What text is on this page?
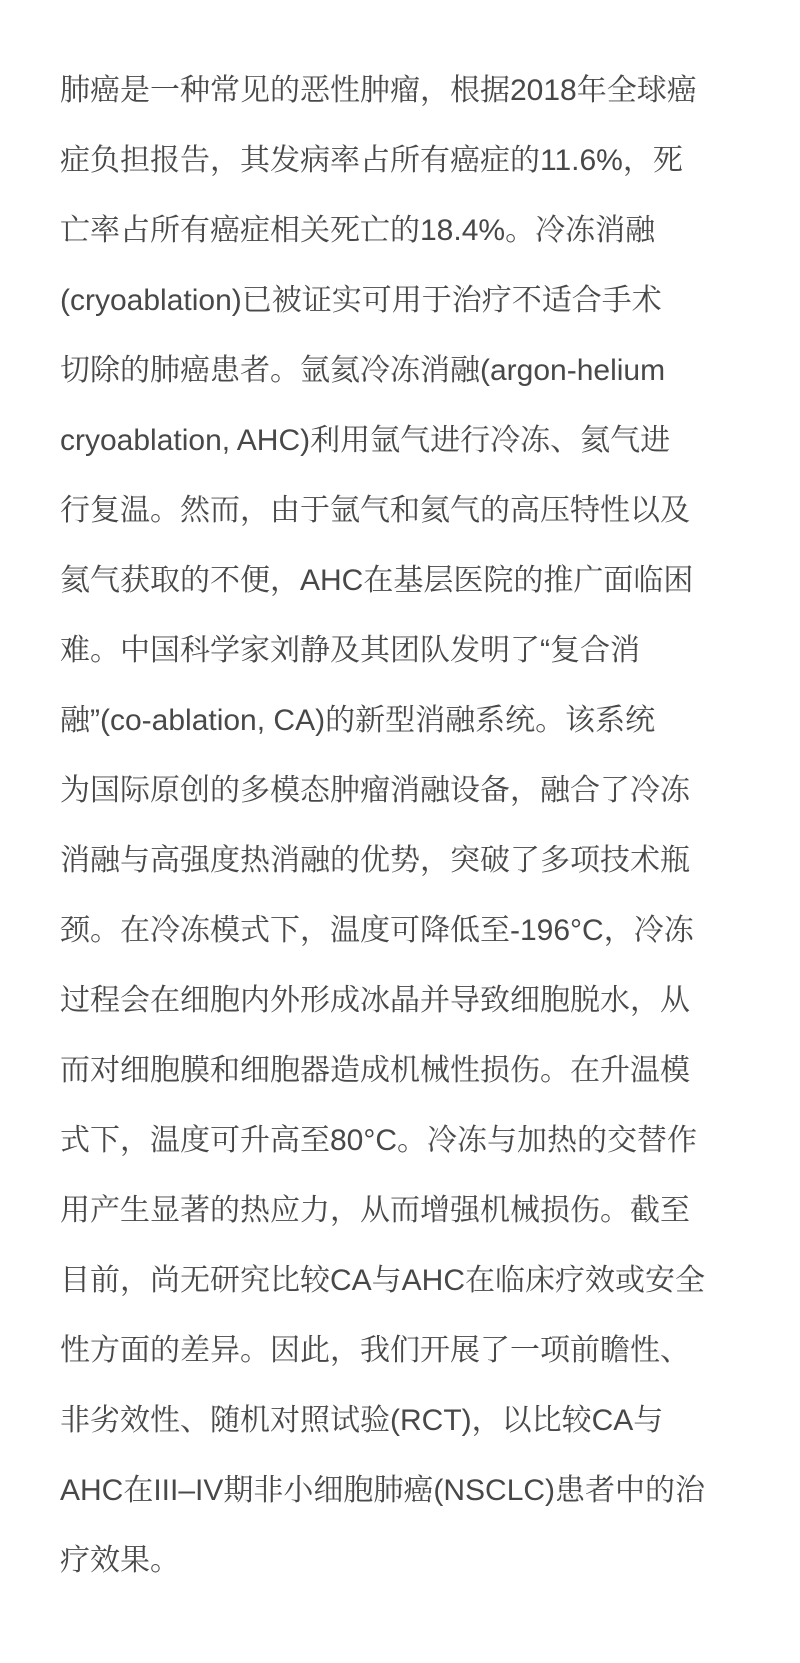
肺癌是一种常见的恶性肿瘤，根据2018年全球癌
症负担报告，其发病率占所有癌症的11.6%，死
亡率占所有癌症相关死亡的18.4%。冷冻消融
(cryoablation)已被证实可用于治疗不适合手术
切除的肺癌患者。氩氦冷冻消融(argon-helium
cryoablation, AHC)利用氩气进行冷冻、氦气进
行复温。然而，由于氩气和氦气的高压特性以及
氦气获取的不便，AHC在基层医院的推广面临困
难。中国科学家刘静及其团队发明了“复合消
融”(co-ablation, CA)的新型消融系统。该系统
为国际原创的多模态肿瘤消融设备，融合了冷冻
消融与高强度热消融的优势，突破了多项技术瓶
颈。在冷冻模式下，温度可降低至-196°C，冷冻
过程会在细胞内外形成冰晶并导致细胞脱水，从
而对细胞膜和细胞器造成机械性损伤。在升温模
式下，温度可升高至80°C。冷冻与加热的交替作
用产生显著的热应力，从而增强机械损伤。截至
目前，尚无研究比较CA与AHC在临床疗效或安全
性方面的差异。因此，我们开展了一项前瞻性、
非劣效性、随机对照试验(RCT)，以比较CA与
AHC在III–IV期非小细胞肺癌(NSCLC)患者中的治
疗效果。
